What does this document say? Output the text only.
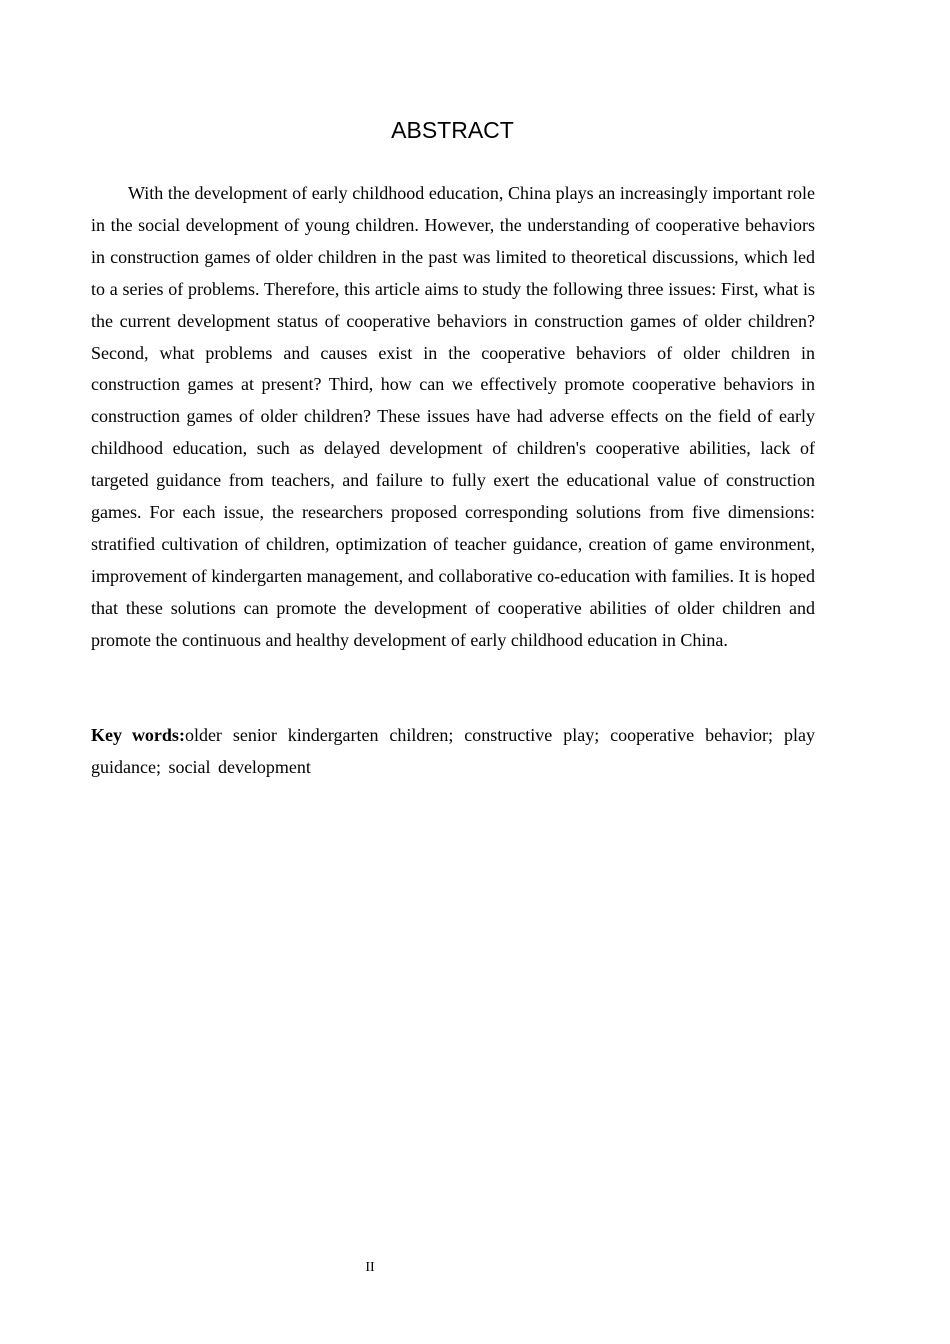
ABSTRACT

With the development of early childhood education, China plays an increasingly important role in the social development of young children. However, the understanding of cooperative behaviors in construction games of older children in the past was limited to theoretical discussions, which led to a series of problems. Therefore, this article aims to study the following three issues: First, what is the current development status of cooperative behaviors in construction games of older children? Second, what problems and causes exist in the cooperative behaviors of older children in construction games at present? Third, how can we effectively promote cooperative behaviors in construction games of older children? These issues have had adverse effects on the field of early childhood education, such as delayed development of children's cooperative abilities, lack of targeted guidance from teachers, and failure to fully exert the educational value of construction games. For each issue, the researchers proposed corresponding solutions from five dimensions: stratified cultivation of children, optimization of teacher guidance, creation of game environment, improvement of kindergarten management, and collaborative co-education with families. It is hoped that these solutions can promote the development of cooperative abilities of older children and promote the continuous and healthy development of early childhood education in China.

Key words:older senior kindergarten children; constructive play; cooperative behavior; play guidance; social development

II
